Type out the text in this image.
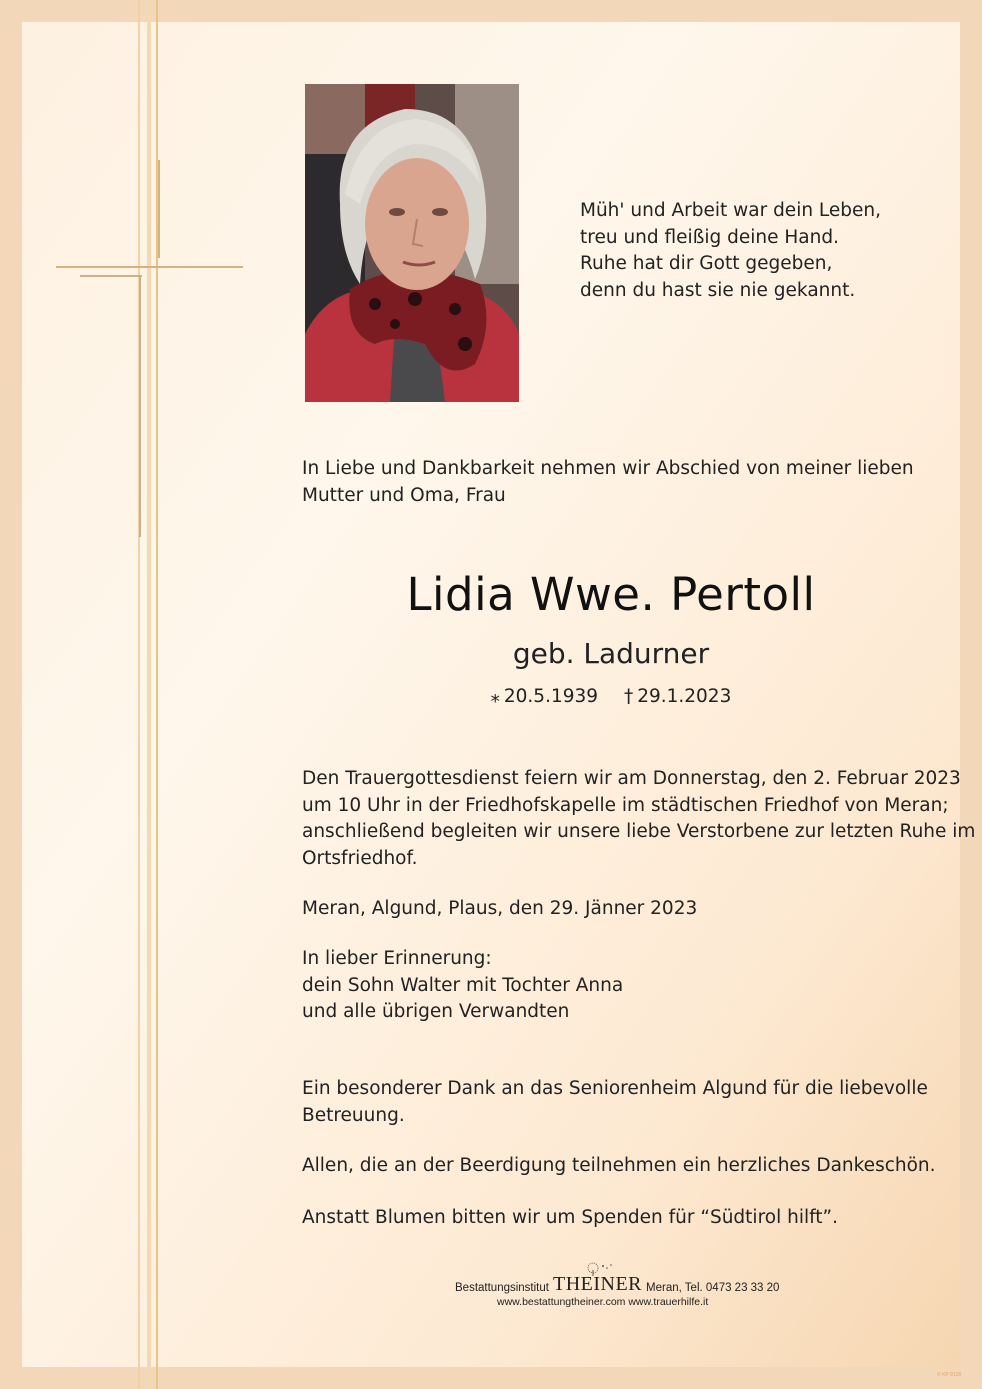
Müh' und Arbeit war dein Leben,
treu und fleißig deine Hand.
Ruhe hat dir Gott gegeben,
denn du hast sie nie gekannt.
In Liebe und Dankbarkeit nehmen wir Abschied von meiner lieben
Mutter und Oma, Frau
Lidia Wwe. Pertoll
geb. Ladurner
⁎ 20.5.1939 † 29.1.2023
Den Trauergottesdienst feiern wir am Donnerstag, den 2. Februar 2023
um 10 Uhr in der Friedhofskapelle im städtischen Friedhof von Meran;
anschließend begleiten wir unsere liebe Verstorbene zur letzten Ruhe im
Ortsfriedhof.
Meran, Algund, Plaus, den 29. Jänner 2023
In lieber Erinnerung:
dein Sohn Walter mit Tochter Anna
und alle übrigen Verwandten
Ein besonderer Dank an das Seniorenheim Algund für die liebevolle
Betreuung.
Allen, die an der Beerdigung teilnehmen ein herzliches Dankeschön.
Anstatt Blumen bitten wir um Spenden für “Südtirol hilft”.
Bestattungsinstitut THEINER Meran, Tel. 0473 23 33 20
www.bestattungtheiner.com www.trauerhilfe.it
© KP 9128
